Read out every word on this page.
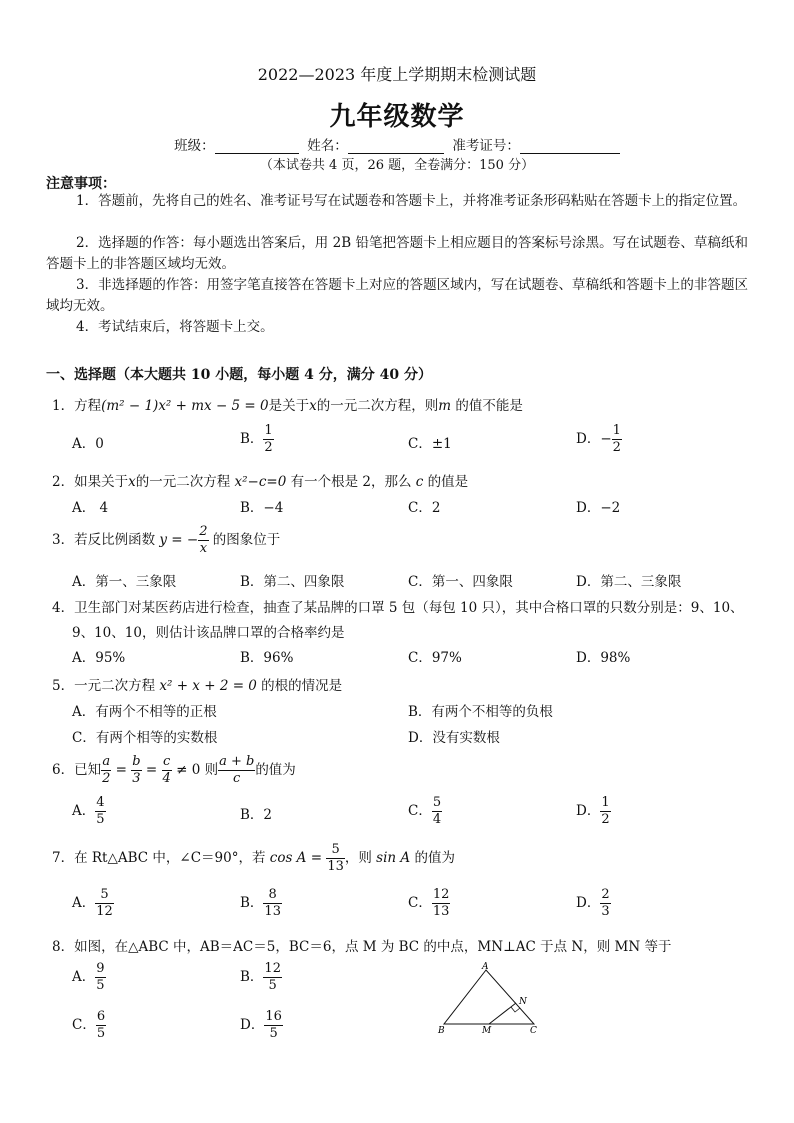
2022—2023 年度上学期期末检测试题
九年级数学
班级：	姓名：	准考证号：
（本试卷共 4 页，26 题，全卷满分：150 分）
注意事项：
1．答题前，先将自己的姓名、准考证号写在试题卷和答题卡上，并将准考证条形码粘贴在答题卡上的指定位置。
2．选择题的作答：每小题选出答案后，用 2B 铅笔把答题卡上相应题目的答案标号涂黑。写在试题卷、草稿纸和答题卡上的非答题区域均无效。
3．非选择题的作答：用签字笔直接答在答题卡上对应的答题区域内，写在试题卷、草稿纸和答题卡上的非答题区域均无效。
4．考试结束后，将答题卡上交。
一、选择题（本大题共 10 小题，每小题 4 分，满分 40 分）
1．方程(m² − 1)x² + mx − 5 = 0是关于x的一元二次方程，则m 的值不能是
A．0	B． $\frac{1}{2}$	C．±1	D．− $\frac{1}{2}$
2．如果关于x的一元二次方程 x²−c=0 有一个根是 2，那么 c 的值是
A． 4	B．−4	C．2	D．−2
3．若反比例函数 y = − $\frac{2}{x}$ 的图象位于
A．第一、三象限	B．第二、四象限	C．第一、四象限	D．第二、三象限
4．卫生部门对某医药店进行检查，抽查了某品牌的口罩 5 包（每包 10 只），其中合格口罩的只数分别是：9、10、
9、10、10，则估计该品牌口罩的合格率约是
A．95%	B．96%	C．97%	D．98%
5．一元二次方程 x² + x + 2 = 0 的根的情况是
A．有两个不相等的正根	B．有两个不相等的负根
C．有两个相等的实数根	D．没有实数根
6．已知 $\frac{a}{2} = \frac{b}{3} = \frac{c}{4} \ne 0$ 则 $\frac{a + b}{c}$ 的值为
A． $\frac{4}{5}$	B．2	C． $\frac{5}{4}$	D． $\frac{1}{2}$
7．在 Rt△ABC 中，∠C＝90°，若 $\cos A = \frac{5}{13}$ ，则 sin A 的值为
A． $\frac{5}{12}$	B． $\frac{8}{13}$	C． $\frac{12}{13}$	D． $\frac{2}{3}$
8．如图，在△ABC 中，AB＝AC＝5，BC＝6，点 M 为 BC 的中点，MN⊥AC 于点 N，则 MN 等于
A． $\frac{9}{5}$	B． $\frac{12}{5}$
C． $\frac{6}{5}$	D． $\frac{16}{5}$
A
B	C
M
N
